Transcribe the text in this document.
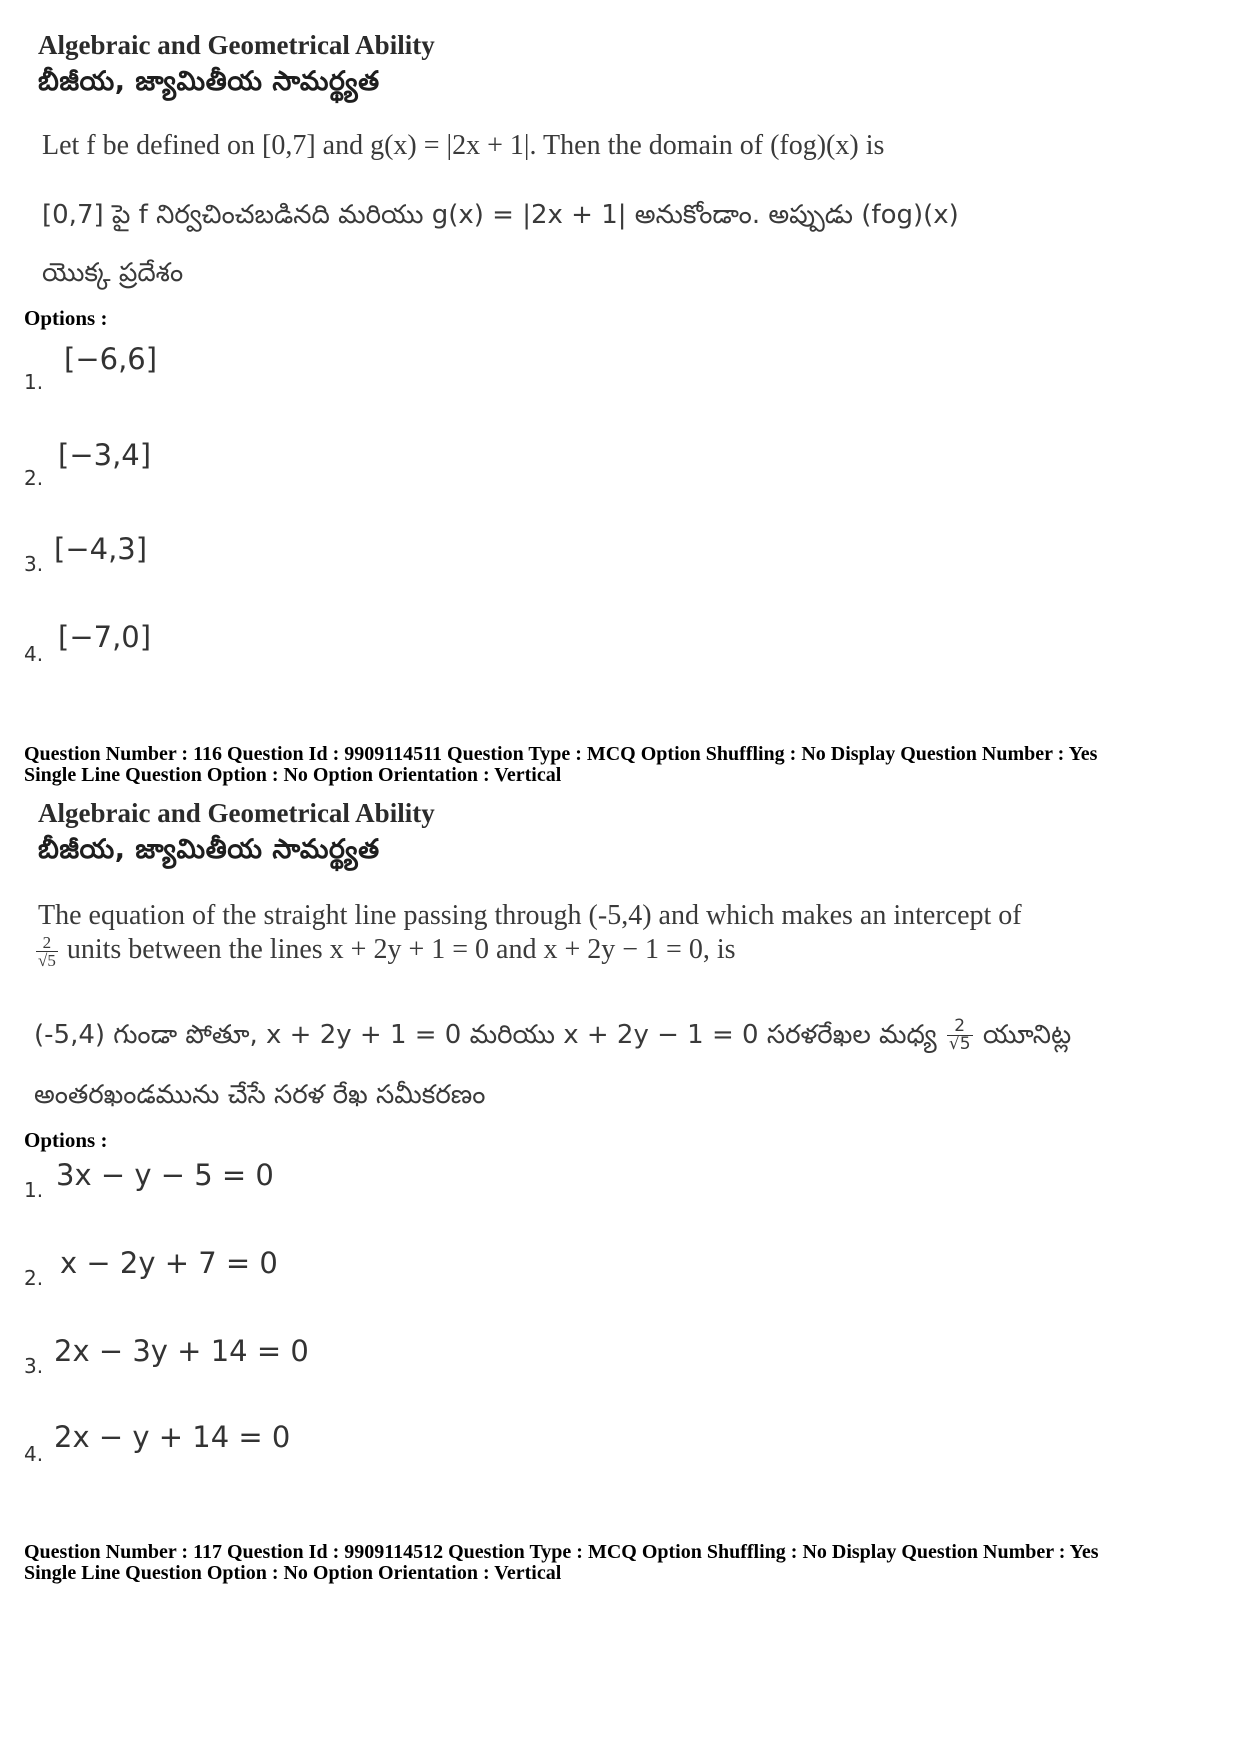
Algebraic and Geometrical Ability
బీజీయ, జ్యామితీయ సామర్థ్యత
Let f be defined on [0,7] and g(x) = |2x + 1|. Then the domain of (fog)(x) is
[0,7] పై f నిర్వచించబడినది మరియు g(x) = |2x + 1| అనుకోండాం. అప్పుడు (fog)(x)
యొక్క ప్రదేశం
Options :
1.
[−6,6]
2.
[−3,4]
3. [−4,3]
4. [−7,0]
Question Number : 116 Question Id : 9909114511 Question Type : MCQ Option Shuffling : No Display Question Number : Yes
Single Line Question Option : No Option Orientation : Vertical
Algebraic and Geometrical Ability
బీజీయ, జ్యామితీయ సామర్థ్యత
The equation of the straight line passing through (-5,4) and which makes an intercept of
$\frac{2}{√5}$ units between the lines x + 2y + 1 = 0 and x + 2y − 1 = 0, is
(-5,4) గుండా పోతూ, x + 2y + 1 = 0 మరియు x + 2y − 1 = 0 సరళరేఖల మధ్య $\frac{2}{√5}$ యూనిట్ల
అంతరఖండమును చేసే సరళ రేఖ సమీకరణం
Options :
1. 3x − y − 5 = 0
2. x − 2y + 7 = 0
3. 2x − 3y + 14 = 0
4. 2x − y + 14 = 0
Question Number : 117 Question Id : 9909114512 Question Type : MCQ Option Shuffling : No Display Question Number : Yes
Single Line Question Option : No Option Orientation : Vertical
